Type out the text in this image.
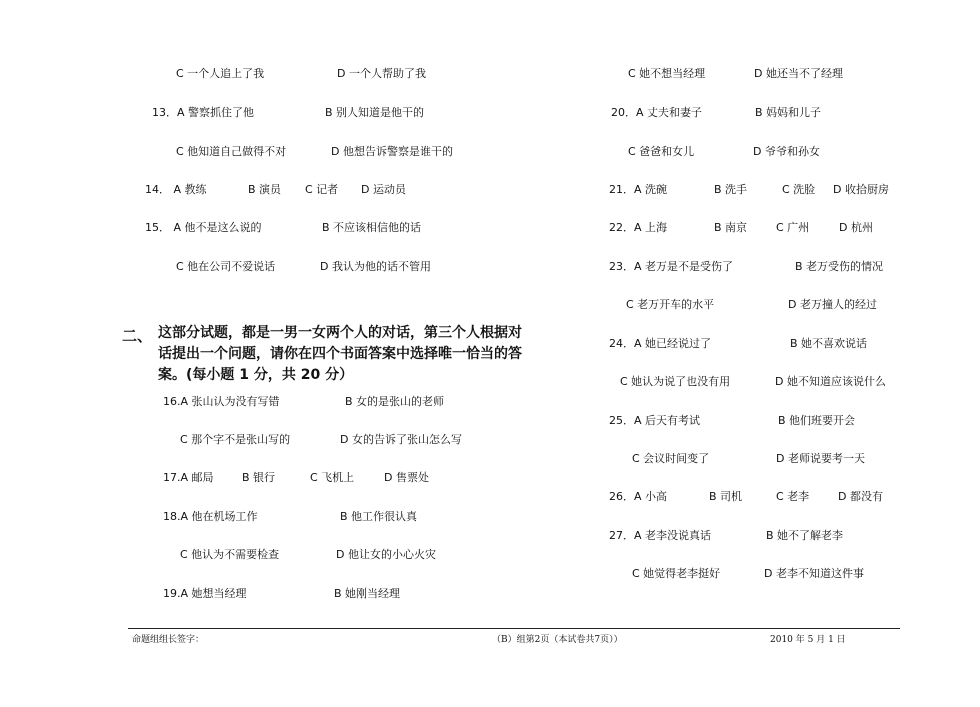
C 一个人追上了我	D 一个人帮助了我
13．A 警察抓住了他	B 别人知道是他干的
C 他知道自己做得不对	D 他想告诉警察是谁干的
14． A 教练	B 演员 C 记者 D 运动员
15． A 他不是这么说的	B 不应该相信他的话
C 他在公司不爱说话	D 我认为他的话不管用
二、 这部分试题，都是一男一女两个人的对话，第三个人根据对
话提出一个问题，请你在四个书面答案中选择唯一恰当的答
案。(每小题 1 分，共 20 分）
16.A 张山认为没有写错	B 女的是张山的老师
C 那个字不是张山写的	D 女的告诉了张山怎么写
17.A 邮局	B 银行	C 飞机上	D 售票处
18.A 他在机场工作	B 他工作很认真
C 他认为不需要检查	D 他让女的小心火灾
19.A 她想当经理	B 她刚当经理
C 她不想当经理	D 她还当不了经理
20．A 丈夫和妻子	B 妈妈和儿子
C 爸爸和女儿	D 爷爷和孙女
21．A 洗碗	B 洗手	C 洗脸 D 收拾厨房
22．A 上海	B 南京	C 广州	D 杭州
23．A 老万是不是受伤了	B 老万受伤的情况
C 老万开车的水平	D 老万撞人的经过
24．A 她已经说过了	B 她不喜欢说话
C 她认为说了也没有用	D 她不知道应该说什么
25．A 后天有考试	B 他们班要开会
C 会议时间变了	D 老师说要考一天
26．A 小高	B 司机	C 老李	D 都没有
27．A 老李没说真话	B 她不了解老李
C 她觉得老李挺好	D 老李不知道这件事
命题组组长签字：	（B）组第2页（本试卷共7页））	2010 年 5 月 1 日
